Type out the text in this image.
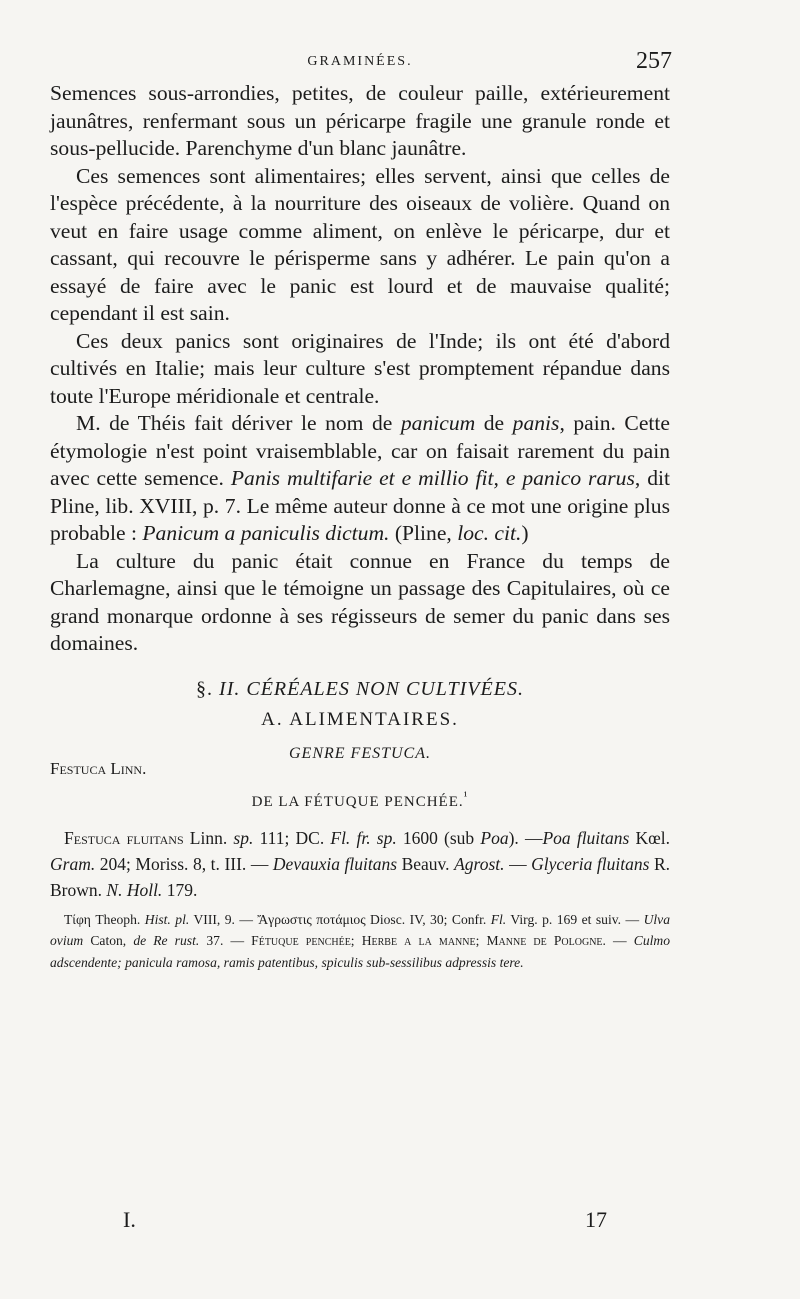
GRAMINÉES.	257

Semences sous-arrondies, petites, de couleur paille, extérieurement jaunâtres, renfermant sous un péricarpe fragile une granule ronde et sous-pellucide. Parenchyme d'un blanc jaunâtre.

Ces semences sont alimentaires; elles servent, ainsi que celles de l'espèce précédente, à la nourriture des oiseaux de volière. Quand on veut en faire usage comme aliment, on enlève le péricarpe, dur et cassant, qui recouvre le périsperme sans y adhérer. Le pain qu'on a essayé de faire avec le panic est lourd et de mauvaise qualité; cependant il est sain.

Ces deux panics sont originaires de l'Inde; ils ont été d'abord cultivés en Italie; mais leur culture s'est promptement répandue dans toute l'Europe méridionale et centrale.

M. de Théis fait dériver le nom de panicum de panis, pain. Cette étymologie n'est point vraisemblable, car on faisait rarement du pain avec cette semence. Panis multifarie et e millio fit, e panico rarus, dit Pline, lib. XVIII, p. 7. Le même auteur donne à ce mot une origine plus probable : Panicum a paniculis dictum. (Pline, loc. cit.)

La culture du panic était connue en France du temps de Charlemagne, ainsi que le témoigne un passage des Capitulaires, où ce grand monarque ordonne à ses régisseurs de semer du panic dans ses domaines.

§. II. CÉRÉALES NON CULTIVÉES.
A. ALIMENTAIRES.
GENRE FESTUCA.
Festuca Linn.
DE LA FÉTUQUE PENCHÉE.$^{^1}$
Festuca fluitans Linn. sp. 111; DC. Fl. fr. sp. 1600 (sub Poa). —Poa fluitans Kœl. Gram. 204; Moriss. 8, t. III. — Devauxia fluitans Beauv. Agrost. — Glyceria fluitans R. Brown. N. Holl. 179.
Τίφη Theoph. Hist. pl. VIII, 9. — Ἄγρωστις ποτάμιος Diosc. IV, 30; Confr. Fl. Virg. p. 169 et suiv. — Ulva ovium Caton, de Re rust. 37. — Fétuque penchée; Herbe a la manne; Manne de Pologne. — Culmo adscendente; panicula ramosa, ramis patentibus, spiculis sub-sessilibus adpressis tere.
I.	17
